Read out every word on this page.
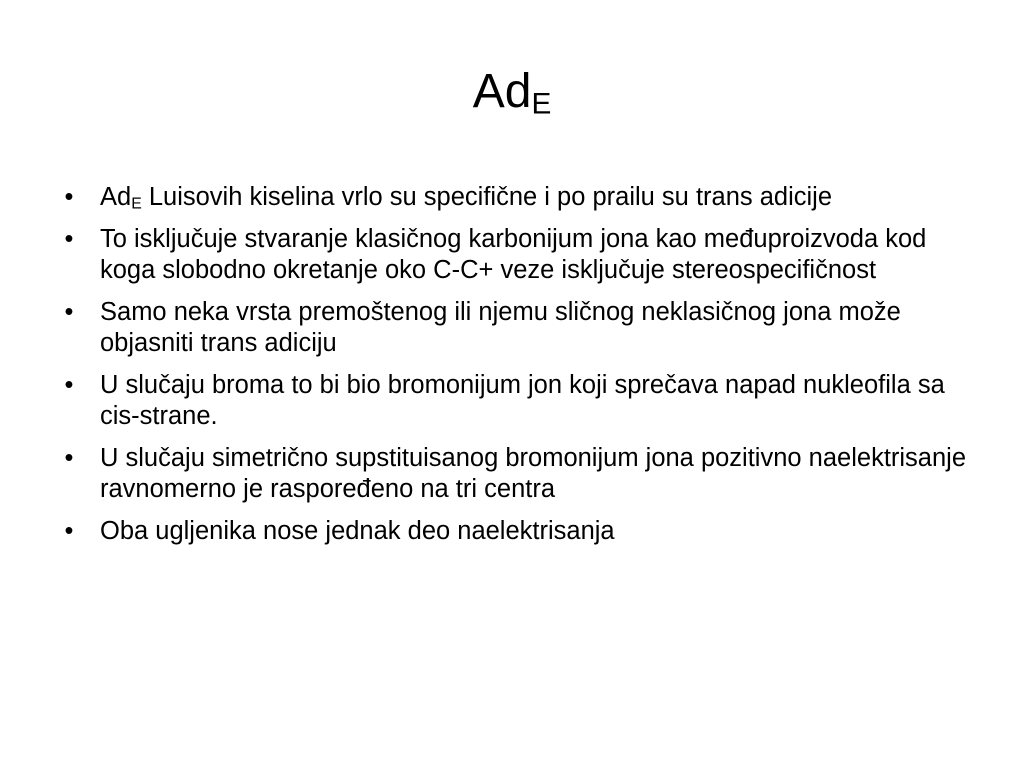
$Ad_E$
• $Ad_E$ Luisovih kiselina vrlo su specifične i po prailu su trans adicije
• To isključuje stvaranje klasičnog karbonijum jona kao međuproizvoda kod koga slobodno okretanje oko C-C+ veze isključuje stereospecifičnost
• Samo neka vrsta premoštenog ili njemu sličnog neklasičnog jona može objasniti trans adiciju
• U slučaju broma to bi bio bromonijum jon koji sprečava napad nukleofila sa cis-strane.
• U slučaju simetrično supstituisanog bromonijum jona pozitivno naelektrisanje ravnomerno je raspoređeno na tri centra
• Oba ugljenika nose jednak deo naelektrisanja
